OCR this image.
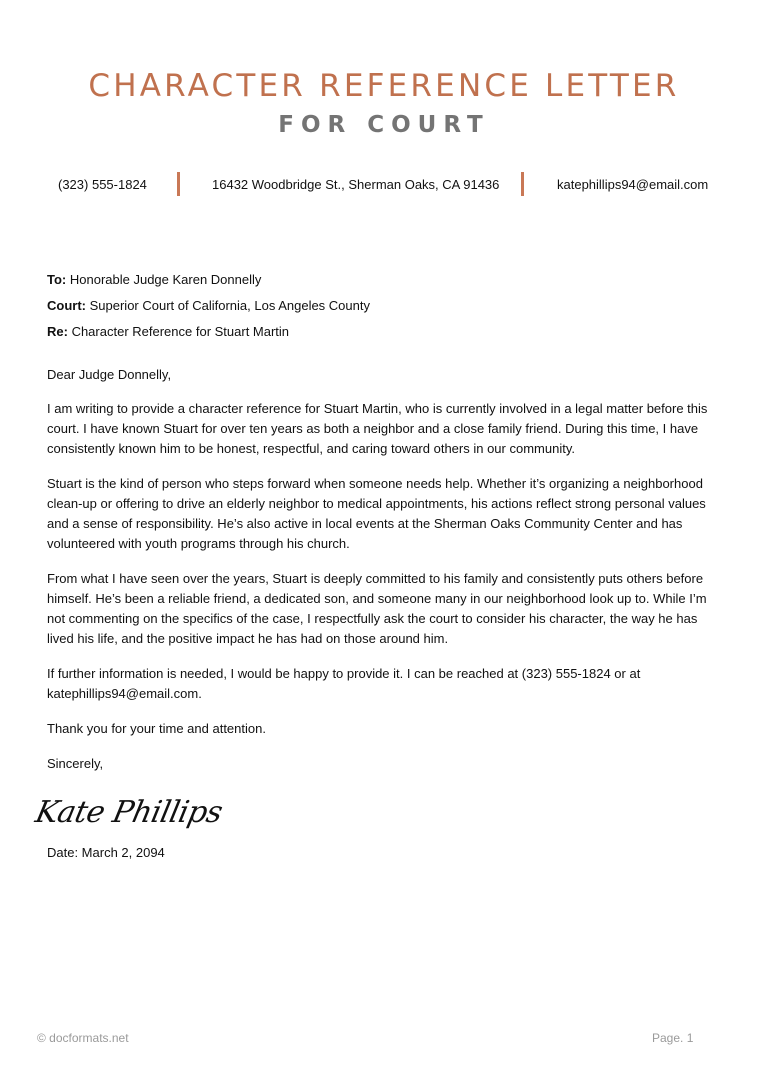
CHARACTER REFERENCE LETTER
FOR COURT
(323) 555-1824	16432 Woodbridge St., Sherman Oaks, CA 91436	katephillips94@email.com
To: Honorable Judge Karen Donnelly
Court: Superior Court of California, Los Angeles County
Re: Character Reference for Stuart Martin
Dear Judge Donnelly,
I am writing to provide a character reference for Stuart Martin, who is currently involved in a legal matter before this court. I have known Stuart for over ten years as both a neighbor and a close family friend. During this time, I have consistently known him to be honest, respectful, and caring toward others in our community.
Stuart is the kind of person who steps forward when someone needs help. Whether it’s organizing a neighborhood clean-up or offering to drive an elderly neighbor to medical appointments, his actions reflect strong personal values and a sense of responsibility. He’s also active in local events at the Sherman Oaks Community Center and has volunteered with youth programs through his church.
From what I have seen over the years, Stuart is deeply committed to his family and consistently puts others before himself. He’s been a reliable friend, a dedicated son, and someone many in our neighborhood look up to. While I’m not commenting on the specifics of the case, I respectfully ask the court to consider his character, the way he has lived his life, and the positive impact he has had on those around him.
If further information is needed, I would be happy to provide it. I can be reached at (323) 555-1824 or at katephillips94@email.com.
Thank you for your time and attention.
Sincerely,
Kate Phillips
Date: March 2, 2094
© docformats.net	Page. 1
